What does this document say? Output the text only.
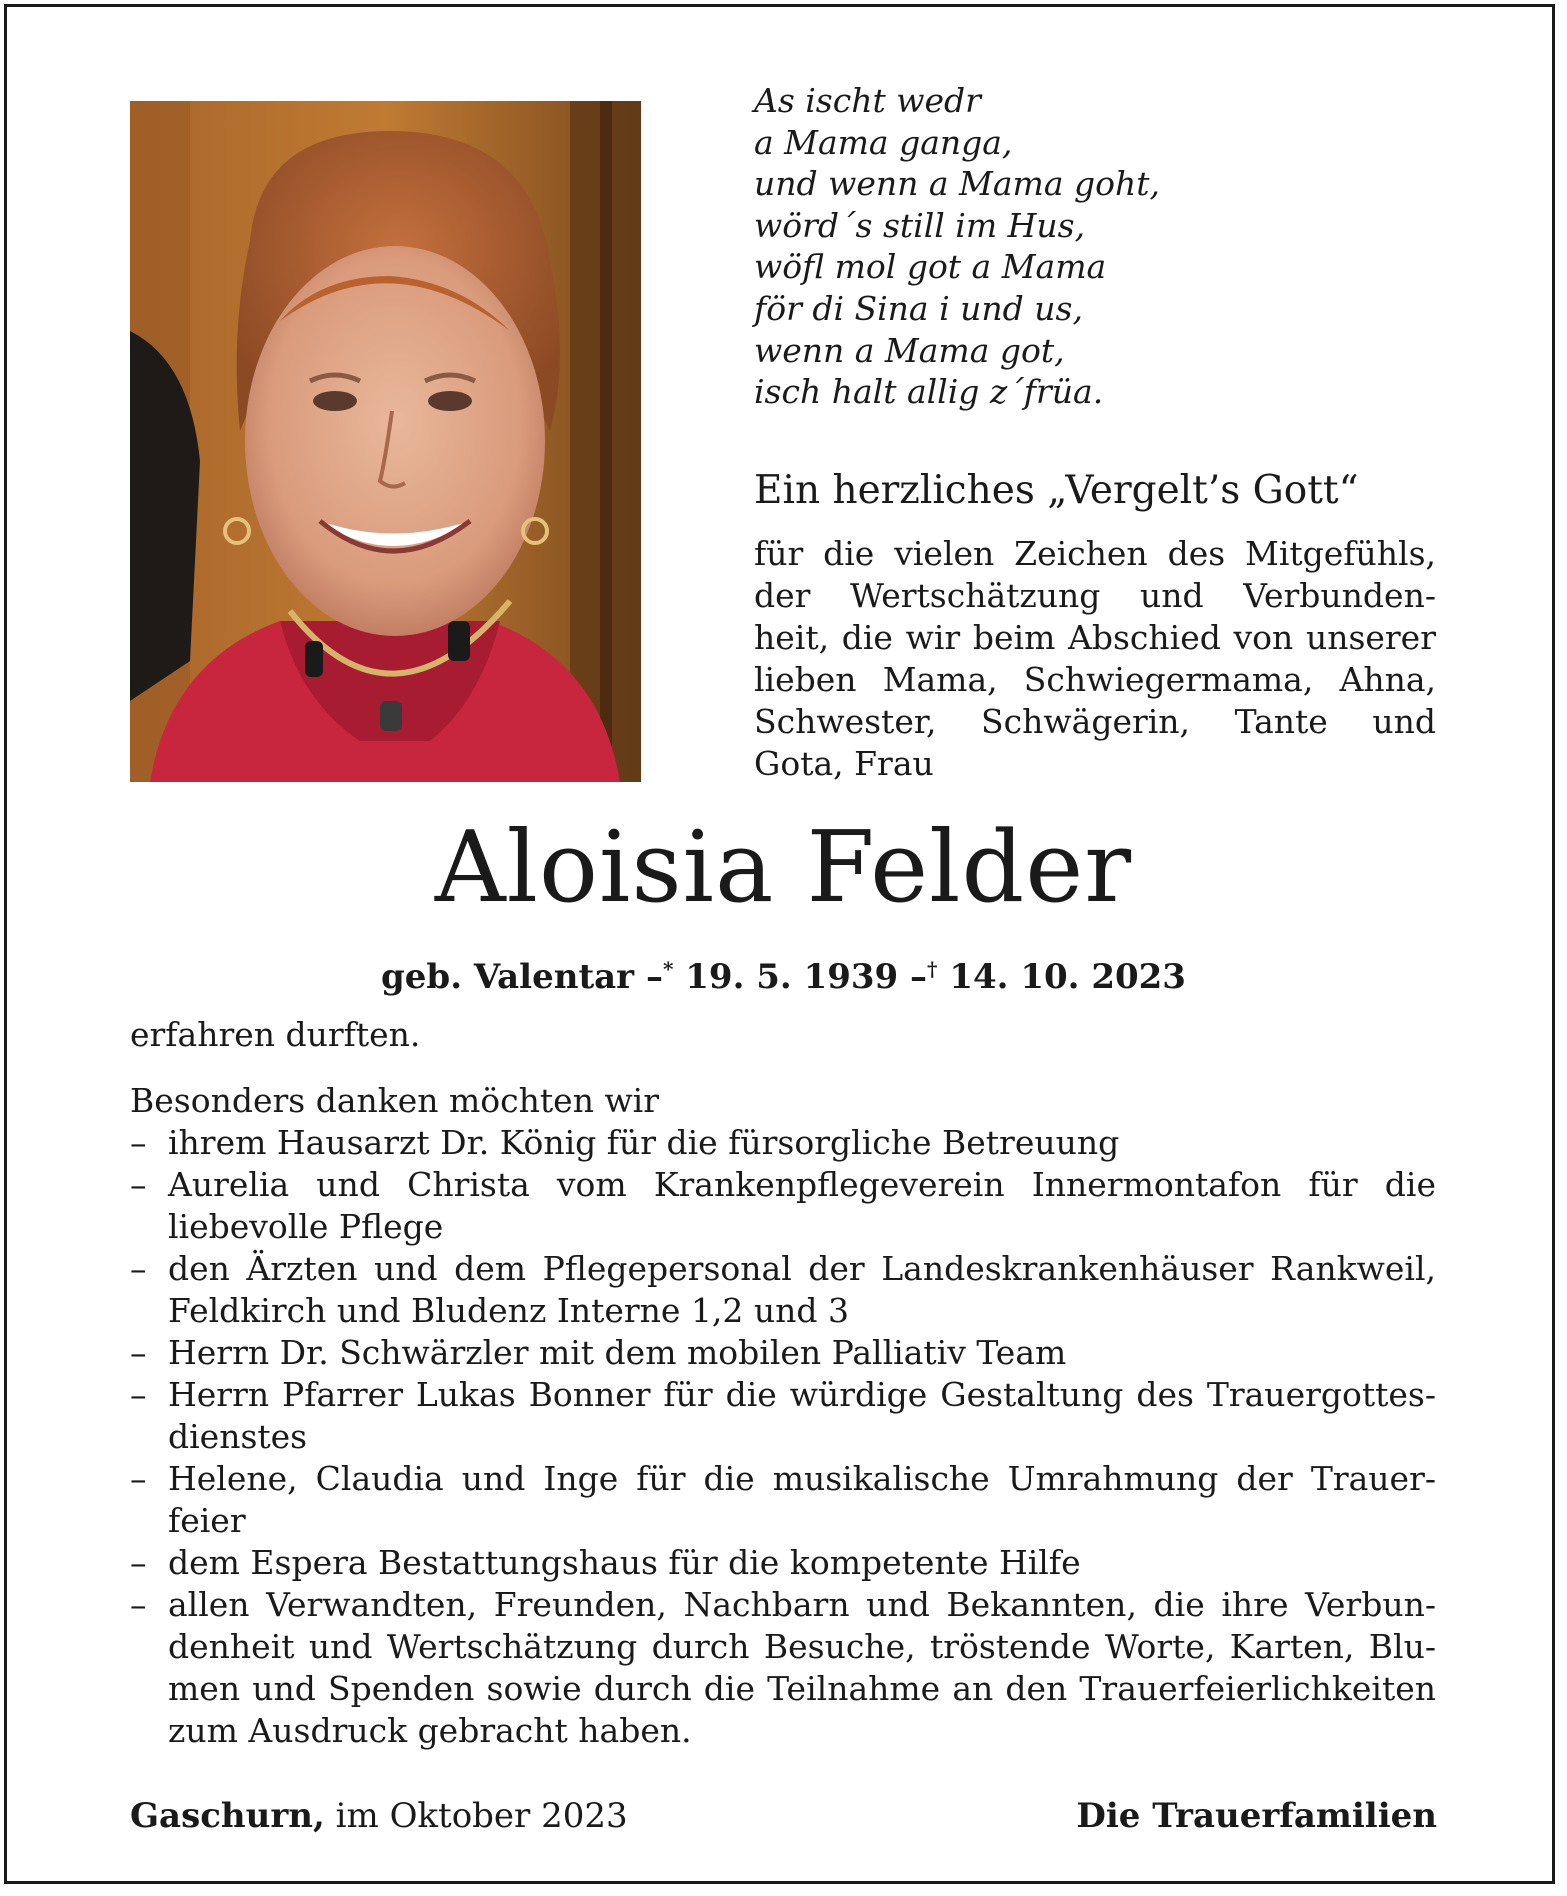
As ischt wedr
a Mama ganga,
und wenn a Mama goht,
wörd´s still im Hus,
wöfl mol got a Mama
för di Sina i und us,
wenn a Mama got,
isch halt allig z´früa.
Ein herzliches „Vergelt’s Gott“
für die vielen Zeichen des Mitgefühls,
der Wertschätzung und Verbunden-
heit, die wir beim Abschied von unserer
lieben Mama, Schwiegermama, Ahna,
Schwester, Schwägerin, Tante und
Gota, Frau
Aloisia Felder
geb. Valentar –* 19. 5. 1939 –† 14. 10. 2023
erfahren durften.
Besonders danken möchten wir
– ihrem Hausarzt Dr. König für die fürsorgliche Betreuung
– Aurelia und Christa vom Krankenpflegeverein Innermontafon für die
liebevolle Pflege
– den Ärzten und dem Pflegepersonal der Landeskrankenhäuser Rankweil,
Feldkirch und Bludenz Interne 1,2 und 3
– Herrn Dr. Schwärzler mit dem mobilen Palliativ Team
– Herrn Pfarrer Lukas Bonner für die würdige Gestaltung des Trauergottes-
dienstes
– Helene, Claudia und Inge für die musikalische Umrahmung der Trauer-
feier
– dem Espera Bestattungshaus für die kompetente Hilfe
– allen Verwandten, Freunden, Nachbarn und Bekannten, die ihre Verbun-
denheit und Wertschätzung durch Besuche, tröstende Worte, Karten, Blu-
men und Spenden sowie durch die Teilnahme an den Trauerfeierlichkeiten
zum Ausdruck gebracht haben.
Gaschurn, im Oktober 2023	Die Trauerfamilien
